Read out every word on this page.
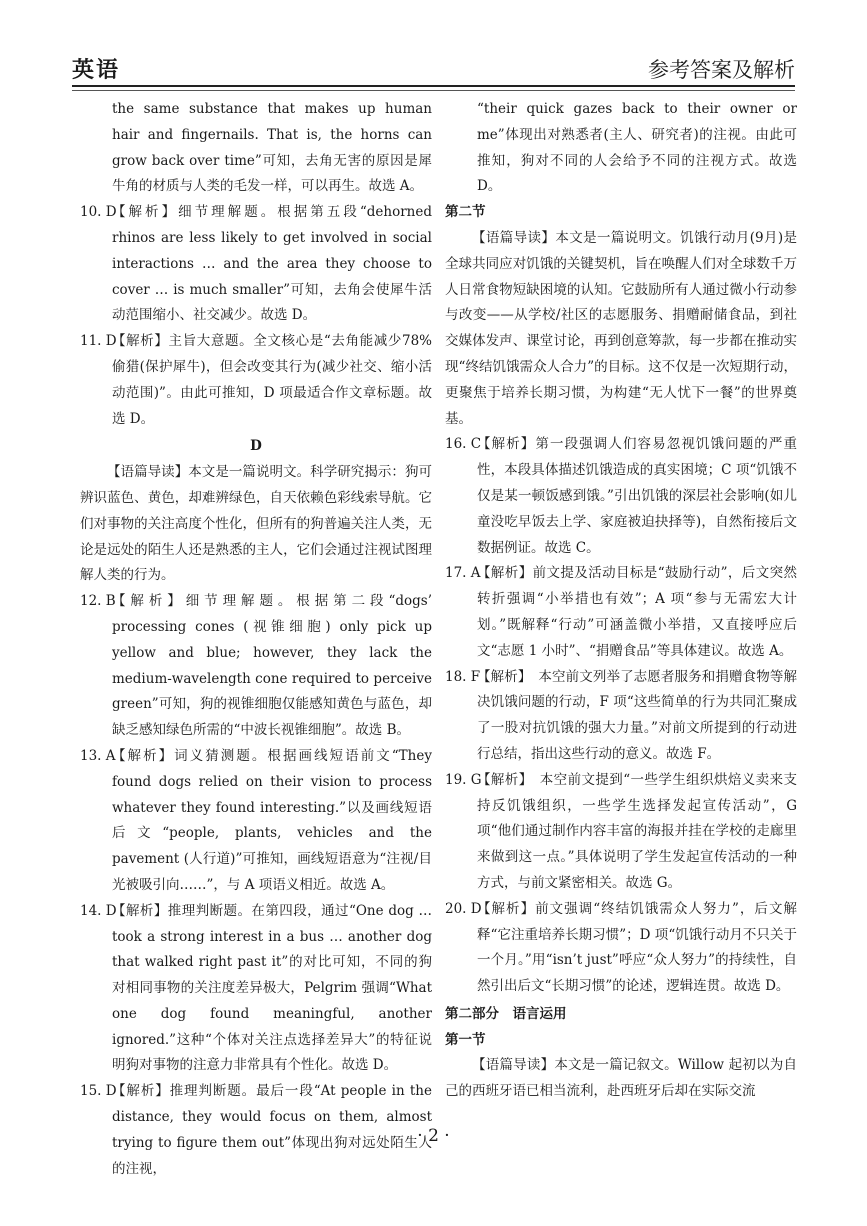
英语	参考答案及解析

the same substance that makes up human hair and fingernails. That is, the horns can grow back over time”可知，去角无害的原因是犀牛角的材质与人类的毛发一样，可以再生。故选 A。

10. D
【解析】细节理解题。根据第五段“dehorned rhinos are less likely to get involved in social interactions … and the area they choose to cover … is much smaller”可知，去角会使犀牛活动范围缩小、社交减少。故选 D。

11. D
【解析】主旨大意题。全文核心是“去角能减少78%偷猎(保护犀牛)，但会改变其行为(减少社交、缩小活动范围)”。由此可推知，D 项最适合作文章标题。故选 D。

D

【语篇导读】本文是一篇说明文。科学研究揭示：狗可辨识蓝色、黄色，却难辨绿色，自天依赖色彩线索导航。它们对事物的关注高度个性化，但所有的狗普遍关注人类，无论是远处的陌生人还是熟悉的主人，它们会通过注视试图理解人类的行为。

12. B
【解析】细节理解题。根据第二段“dogs’ processing cones (视锥细胞) only pick up yellow and blue; however, they lack the medium-wavelength cone required to perceive green”可知，狗的视锥细胞仅能感知黄色与蓝色，却缺乏感知绿色所需的“中波长视锥细胞”。故选 B。

13. A
【解析】词义猜测题。根据画线短语前文“They found dogs relied on their vision to process whatever they found interesting.”以及画线短语后文“people, plants, vehicles and the pavement (人行道)”可推知，画线短语意为“注视/目光被吸引向……”，与 A 项语义相近。故选 A。

14. D
【解析】推理判断题。在第四段，通过“One dog … took a strong interest in a bus … another dog that walked right past it”的对比可知，不同的狗对相同事物的关注度差异极大，Pelgrim 强调“What one dog found meaningful, another ignored.”这种“个体对关注点选择差异大”的特征说明狗对事物的注意力非常具有个性化。故选 D。

15. D
【解析】推理判断题。最后一段“At people in the distance, they would focus on them, almost trying to figure them out”体现出狗对远处陌生人的注视，

“their quick gazes back to their owner or me”体现出对熟悉者(主人、研究者)的注视。由此可推知，狗对不同的人会给予不同的注视方式。故选 D。

第二节

【语篇导读】本文是一篇说明文。饥饿行动月(9月)是全球共同应对饥饿的关键契机，旨在唤醒人们对全球数千万人日常食物短缺困境的认知。它鼓励所有人通过微小行动参与改变——从学校/社区的志愿服务、捐赠耐储食品，到社交媒体发声、课堂讨论，再到创意筹款，每一步都在推动实现“终结饥饿需众人合力”的目标。这不仅是一次短期行动，更聚焦于培养长期习惯，为构建“无人忧下一餐”的世界奠基。

16. C
【解析】第一段强调人们容易忽视饥饿问题的严重性，本段具体描述饥饿造成的真实困境；C 项“饥饿不仅是某一顿饭感到饿。”引出饥饿的深层社会影响(如儿童没吃早饭去上学、家庭被迫抉择等)，自然衔接后文数据例证。故选 C。

17. A
【解析】前文提及活动目标是“鼓励行动”，后文突然转折强调“小举措也有效”；A 项“参与无需宏大计划。”既解释“行动”可涵盖微小举措，又直接呼应后文“志愿 1 小时”、“捐赠食品”等具体建议。故选 A。

18. F
【解析】　本空前文列举了志愿者服务和捐赠食物等解决饥饿问题的行动，F 项“这些简单的行为共同汇聚成了一股对抗饥饿的强大力量。”对前文所提到的行动进行总结，指出这些行动的意义。故选 F。

19. G
【解析】　本空前文提到“一些学生组织烘焙义卖来支持反饥饿组织，一些学生选择发起宣传活动”，G 项“他们通过制作内容丰富的海报并挂在学校的走廊里来做到这一点。”具体说明了学生发起宣传活动的一种方式，与前文紧密相关。故选 G。

20. D
【解析】前文强调“终结饥饿需众人努力”，后文解释“它注重培养长期习惯”；D 项“饥饿行动月不只关于一个月。”用“isn’t just”呼应“众人努力”的持续性，自然引出后文“长期习惯”的论述，逻辑连贯。故选 D。

第二部分　语言运用

第一节

【语篇导读】本文是一篇记叙文。Willow 起初以为自己的西班牙语已相当流利，赴西班牙后却在实际交流

· 2 ·
